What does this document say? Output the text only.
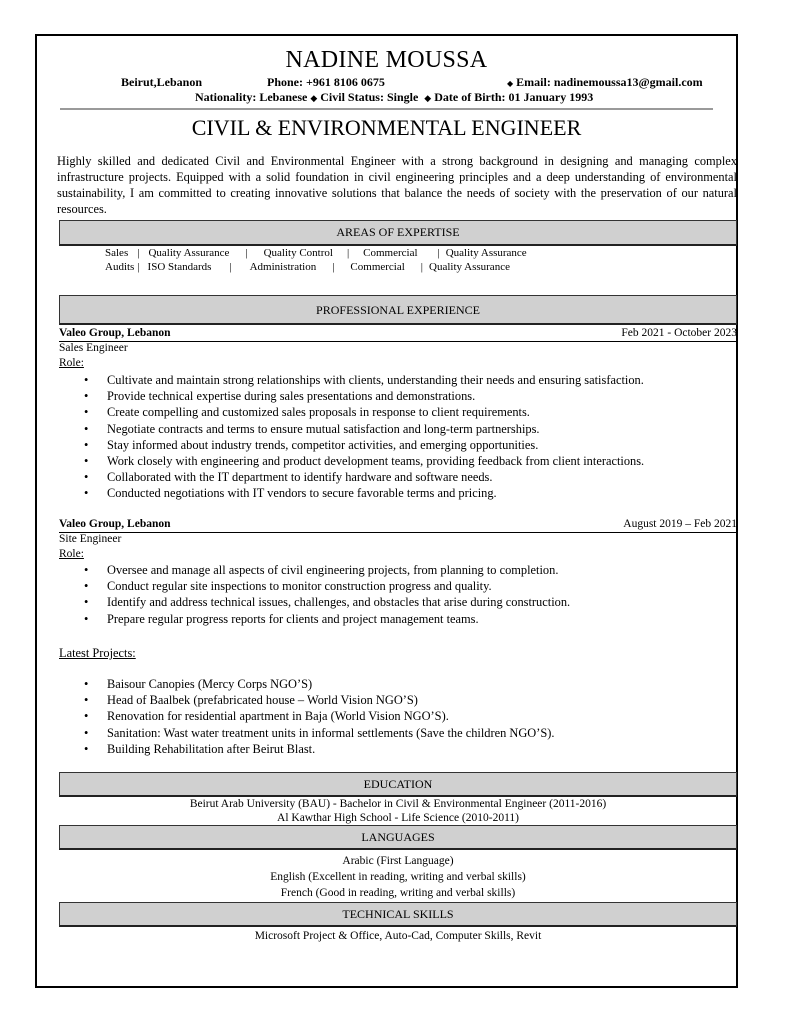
NADINE MOUSSA
Beirut,Lebanon	Phone: +961 8106 0675	◆ Email: nadinemoussa13@gmail.com
Nationality: Lebanese ◆ Civil Status: Single ◆ Date of Birth: 01 January 1993
CIVIL & ENVIRONMENTAL ENGINEER
Highly skilled and dedicated Civil and Environmental Engineer with a strong background in designing and managing complex infrastructure projects. Equipped with a solid foundation in civil engineering principles and a deep understanding of environmental sustainability, I am committed to creating innovative solutions that balance the needs of society with the preservation of our natural resources.
AREAS OF EXPERTISE
Sales | Quality Assurance | Quality Control | Commercial | Quality Assurance
Audits | ISO Standards | Administration | Commercial | Quality Assurance
PROFESSIONAL EXPERIENCE
Valeo Group, Lebanon	Feb 2021 - October 2023
Sales Engineer
Role:
• Cultivate and maintain strong relationships with clients, understanding their needs and ensuring satisfaction.
• Provide technical expertise during sales presentations and demonstrations.
• Create compelling and customized sales proposals in response to client requirements.
• Negotiate contracts and terms to ensure mutual satisfaction and long-term partnerships.
• Stay informed about industry trends, competitor activities, and emerging opportunities.
• Work closely with engineering and product development teams, providing feedback from client interactions.
• Collaborated with the IT department to identify hardware and software needs.
• Conducted negotiations with IT vendors to secure favorable terms and pricing.
Valeo Group, Lebanon	August 2019 – Feb 2021
Site Engineer
Role:
• Oversee and manage all aspects of civil engineering projects, from planning to completion.
• Conduct regular site inspections to monitor construction progress and quality.
• Identify and address technical issues, challenges, and obstacles that arise during construction.
• Prepare regular progress reports for clients and project management teams.
Latest Projects:
• Baisour Canopies (Mercy Corps NGO’S)
• Head of Baalbek (prefabricated house – World Vision NGO’S)
• Renovation for residential apartment in Baja (World Vision NGO’S).
• Sanitation: Wast water treatment units in informal settlements (Save the children NGO’S).
• Building Rehabilitation after Beirut Blast.
EDUCATION
Beirut Arab University (BAU) - Bachelor in Civil & Environmental Engineer (2011-2016)
Al Kawthar High School - Life Science (2010-2011)
LANGUAGES
Arabic (First Language)
English (Excellent in reading, writing and verbal skills)
French (Good in reading, writing and verbal skills)
TECHNICAL SKILLS
Microsoft Project & Office, Auto-Cad, Computer Skills, Revit
